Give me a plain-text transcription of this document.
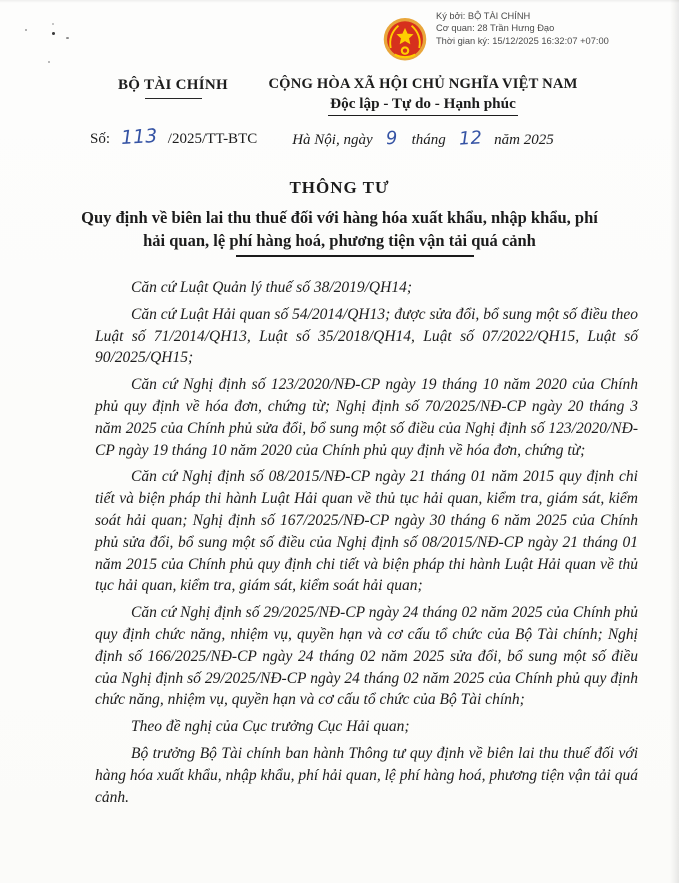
Ký bởi: BỘ TÀI CHÍNH
Cơ quan: 28 Trần Hưng Đạo
Thời gian ký: 15/12/2025 16:32:07 +07:00
BỘ TÀI CHÍNH	CỘNG HÒA XÃ HỘI CHỦ NGHĨA VIỆT NAM
Độc lập - Tự do - Hạnh phúc
Số: 113 /2025/TT-BTC	Hà Nội, ngày 9 tháng 12 năm 2025
THÔNG TƯ
Quy định về biên lai thu thuế đối với hàng hóa xuất khẩu, nhập khẩu, phí
hải quan, lệ phí hàng hoá, phương tiện vận tải quá cảnh

Căn cứ Luật Quản lý thuế số 38/2019/QH14;

Căn cứ Luật Hải quan số 54/2014/QH13; được sửa đổi, bổ sung một số điều theo Luật số 71/2014/QH13, Luật số 35/2018/QH14, Luật số 07/2022/QH15, Luật số 90/2025/QH15;

Căn cứ Nghị định số 123/2020/NĐ-CP ngày 19 tháng 10 năm 2020 của Chính phủ quy định về hóa đơn, chứng từ; Nghị định số 70/2025/NĐ-CP ngày 20 tháng 3 năm 2025 của Chính phủ sửa đổi, bổ sung một số điều của Nghị định số 123/2020/NĐ-CP ngày 19 tháng 10 năm 2020 của Chính phủ quy định về hóa đơn, chứng từ;

Căn cứ Nghị định số 08/2015/NĐ-CP ngày 21 tháng 01 năm 2015 quy định chi tiết và biện pháp thi hành Luật Hải quan về thủ tục hải quan, kiểm tra, giám sát, kiểm soát hải quan; Nghị định số 167/2025/NĐ-CP ngày 30 tháng 6 năm 2025 của Chính phủ sửa đổi, bổ sung một số điều của Nghị định số 08/2015/NĐ-CP ngày 21 tháng 01 năm 2015 của Chính phủ quy định chi tiết và biện pháp thi hành Luật Hải quan về thủ tục hải quan, kiểm tra, giám sát, kiểm soát hải quan;

Căn cứ Nghị định số 29/2025/NĐ-CP ngày 24 tháng 02 năm 2025 của Chính phủ quy định chức năng, nhiệm vụ, quyền hạn và cơ cấu tổ chức của Bộ Tài chính; Nghị định số 166/2025/NĐ-CP ngày 24 tháng 02 năm 2025 sửa đổi, bổ sung một số điều của Nghị định số 29/2025/NĐ-CP ngày 24 tháng 02 năm 2025 của Chính phủ quy định chức năng, nhiệm vụ, quyền hạn và cơ cấu tổ chức của Bộ Tài chính;

Theo đề nghị của Cục trưởng Cục Hải quan;

Bộ trưởng Bộ Tài chính ban hành Thông tư quy định về biên lai thu thuế đối với hàng hóa xuất khẩu, nhập khẩu, phí hải quan, lệ phí hàng hoá, phương tiện vận tải quá cảnh.
